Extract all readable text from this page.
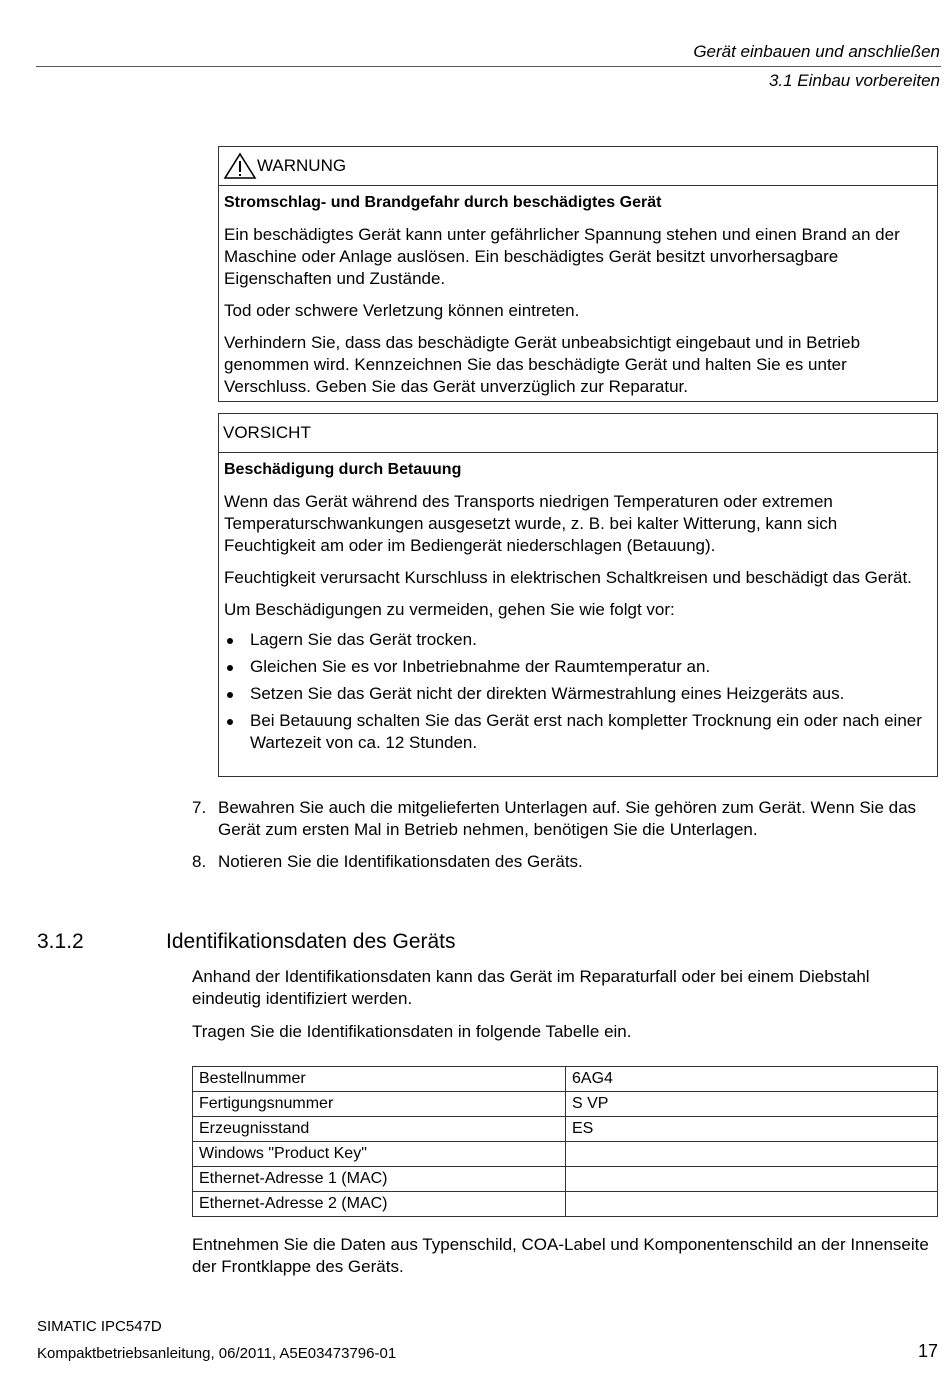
Gerät einbauen und anschließen
3.1 Einbau vorbereiten
WARNUNG

Stromschlag- und Brandgefahr durch beschädigtes Gerät

Ein beschädigtes Gerät kann unter gefährlicher Spannung stehen und einen Brand an der Maschine oder Anlage auslösen. Ein beschädigtes Gerät besitzt unvorhersagbare Eigenschaften und Zustände.

Tod oder schwere Verletzung können eintreten.

Verhindern Sie, dass das beschädigte Gerät unbeabsichtigt eingebaut und in Betrieb genommen wird. Kennzeichnen Sie das beschädigte Gerät und halten Sie es unter Verschluss. Geben Sie das Gerät unverzüglich zur Reparatur.

VORSICHT

Beschädigung durch Betauung

Wenn das Gerät während des Transports niedrigen Temperaturen oder extremen Temperaturschwankungen ausgesetzt wurde, z. B. bei kalter Witterung, kann sich Feuchtigkeit am oder im Bediengerät niederschlagen (Betauung).

Feuchtigkeit verursacht Kurschluss in elektrischen Schaltkreisen und beschädigt das Gerät.

Um Beschädigungen zu vermeiden, gehen Sie wie folgt vor:

Lagern Sie das Gerät trocken.
Gleichen Sie es vor Inbetriebnahme der Raumtemperatur an.
Setzen Sie das Gerät nicht der direkten Wärmestrahlung eines Heizgeräts aus.
Bei Betauung schalten Sie das Gerät erst nach kompletter Trocknung ein oder nach einer Wartezeit von ca. 12 Stunden.
7. Bewahren Sie auch die mitgelieferten Unterlagen auf. Sie gehören zum Gerät. Wenn Sie das Gerät zum ersten Mal in Betrieb nehmen, benötigen Sie die Unterlagen.
8. Notieren Sie die Identifikationsdaten des Geräts.
3.1.2	Identifikationsdaten des Geräts

Anhand der Identifikationsdaten kann das Gerät im Reparaturfall oder bei einem Diebstahl eindeutig identifiziert werden.

Tragen Sie die Identifikationsdaten in folgende Tabelle ein.

Bestellnummer	6AG4
Fertigungsnummer	S VP
Erzeugnisstand	ES
Windows "Product Key"	
Ethernet-Adresse 1 (MAC)	
Ethernet-Adresse 2 (MAC)	

Entnehmen Sie die Daten aus Typenschild, COA-Label und Komponentenschild an der Innenseite der Frontklappe des Geräts.

SIMATIC IPC547D
Kompaktbetriebsanleitung, 06/2011, A5E03473796-01	17
